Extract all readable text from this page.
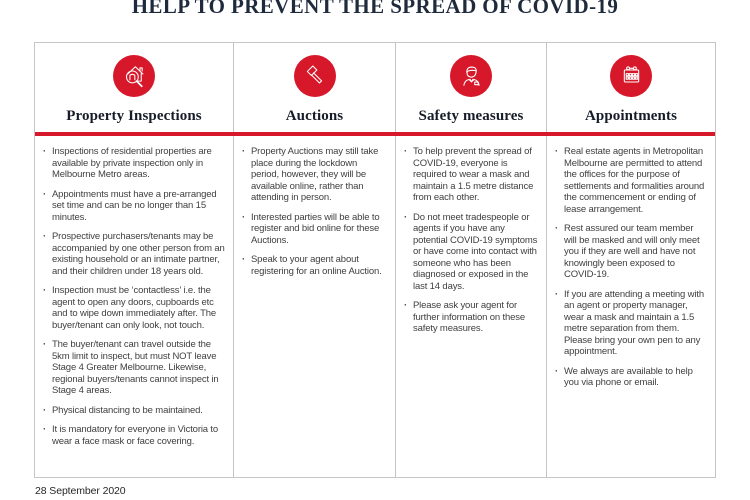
HELP TO PREVENT THE SPREAD OF COVID-19
Property Inspections
· Inspections of residential properties are available by private inspection only in Melbourne Metro areas.
· Appointments must have a pre-arranged set time and can be no longer than 15 minutes.
· Prospective purchasers/tenants may be accompanied by one other person from an existing household or an intimate partner, and their children under 18 years old.
· Inspection must be ‘contactless’ i.e. the agent to open any doors, cupboards etc and to wipe down immediately after. The buyer/tenant can only look, not touch.
· The buyer/tenant can travel outside the 5km limit to inspect, but must NOT leave Stage 4 Greater Melbourne. Likewise, regional buyers/tenants cannot inspect in Stage 4 areas.
· Physical distancing to be maintained.
· It is mandatory for everyone in Victoria to wear a face mask or face covering.
Auctions
· Property Auctions may still take place during the lockdown period, however, they will be available online, rather than attending in person.
· Interested parties will be able to register and bid online for these Auctions.
· Speak to your agent about registering for an online Auction.
Safety measures
· To help prevent the spread of COVID-19, everyone is required to wear a mask and maintain a 1.5 metre distance from each other.
· Do not meet tradespeople or agents if you have any potential COVID-19 symptoms or have come into contact with someone who has been diagnosed or exposed in the last 14 days.
· Please ask your agent for further information on these safety measures.
Appointments
· Real estate agents in Metropolitan Melbourne are permitted to attend the offices for the purpose of settlements and formalities around the commencement or ending of lease arrangement.
· Rest assured our team member will be masked and will only meet you if they are well and have not knowingly been exposed to COVID-19.
· If you are attending a meeting with an agent or property manager, wear a mask and maintain a 1.5 metre separation from them. Please bring your own pen to any appointment.
· We always are available to help you via phone or email.
28 September 2020
